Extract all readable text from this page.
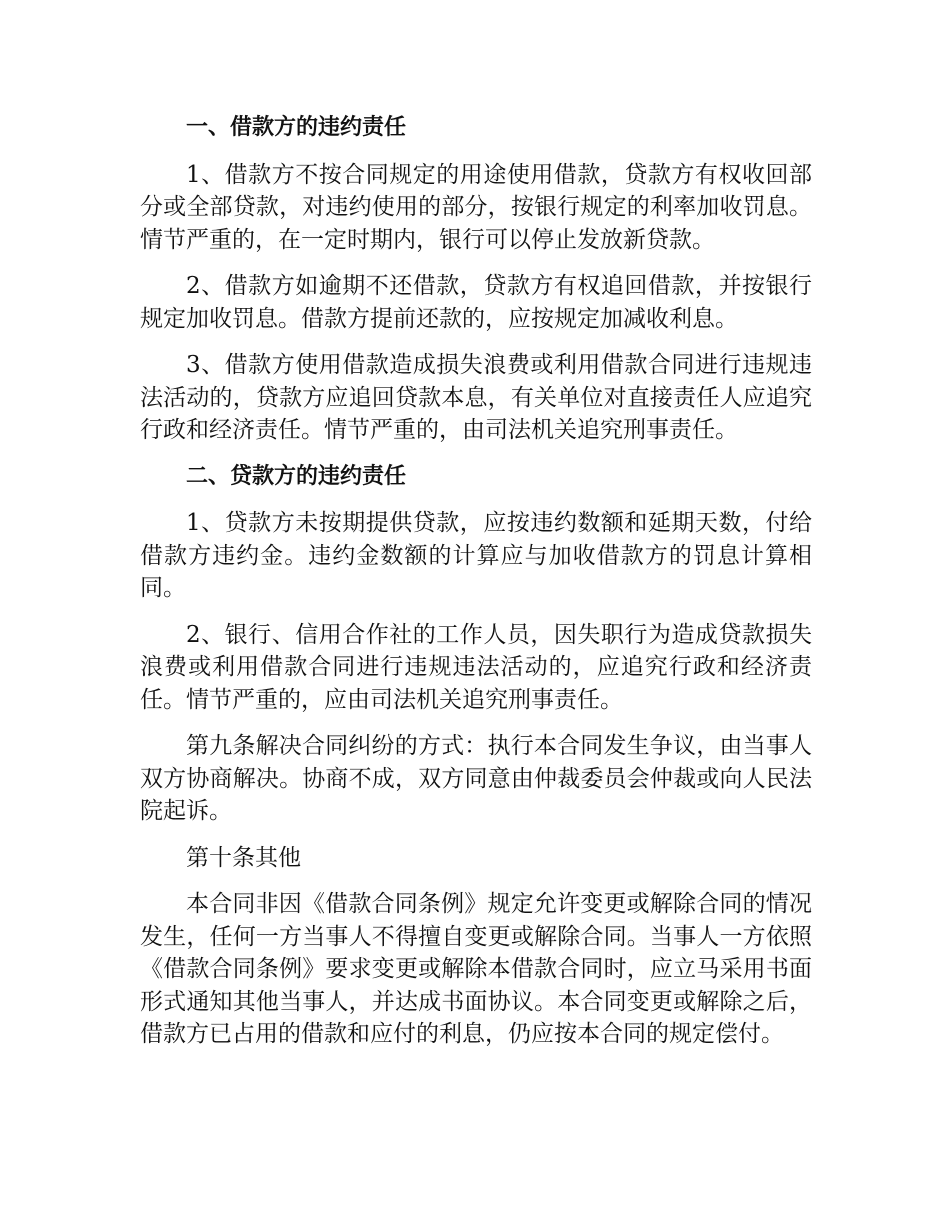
一、借款方的违约责任

1、借款方不按合同规定的用途使用借款，贷款方有权收回部分或全部贷款，对违约使用的部分，按银行规定的利率加收罚息。情节严重的，在一定时期内，银行可以停止发放新贷款。

2、借款方如逾期不还借款，贷款方有权追回借款，并按银行规定加收罚息。借款方提前还款的，应按规定加减收利息。

3、借款方使用借款造成损失浪费或利用借款合同进行违规违法活动的，贷款方应追回贷款本息，有关单位对直接责任人应追究行政和经济责任。情节严重的，由司法机关追究刑事责任。

二、贷款方的违约责任

1、贷款方未按期提供贷款，应按违约数额和延期天数，付给借款方违约金。违约金数额的计算应与加收借款方的罚息计算相同。

2、银行、信用合作社的工作人员，因失职行为造成贷款损失浪费或利用借款合同进行违规违法活动的，应追究行政和经济责任。情节严重的，应由司法机关追究刑事责任。

第九条解决合同纠纷的方式：执行本合同发生争议，由当事人双方协商解决。协商不成，双方同意由仲裁委员会仲裁或向人民法院起诉。

第十条其他

本合同非因《借款合同条例》规定允许变更或解除合同的情况发生，任何一方当事人不得擅自变更或解除合同。当事人一方依照《借款合同条例》要求变更或解除本借款合同时，应立马采用书面形式通知其他当事人，并达成书面协议。本合同变更或解除之后，借款方已占用的借款和应付的利息，仍应按本合同的规定偿付。
